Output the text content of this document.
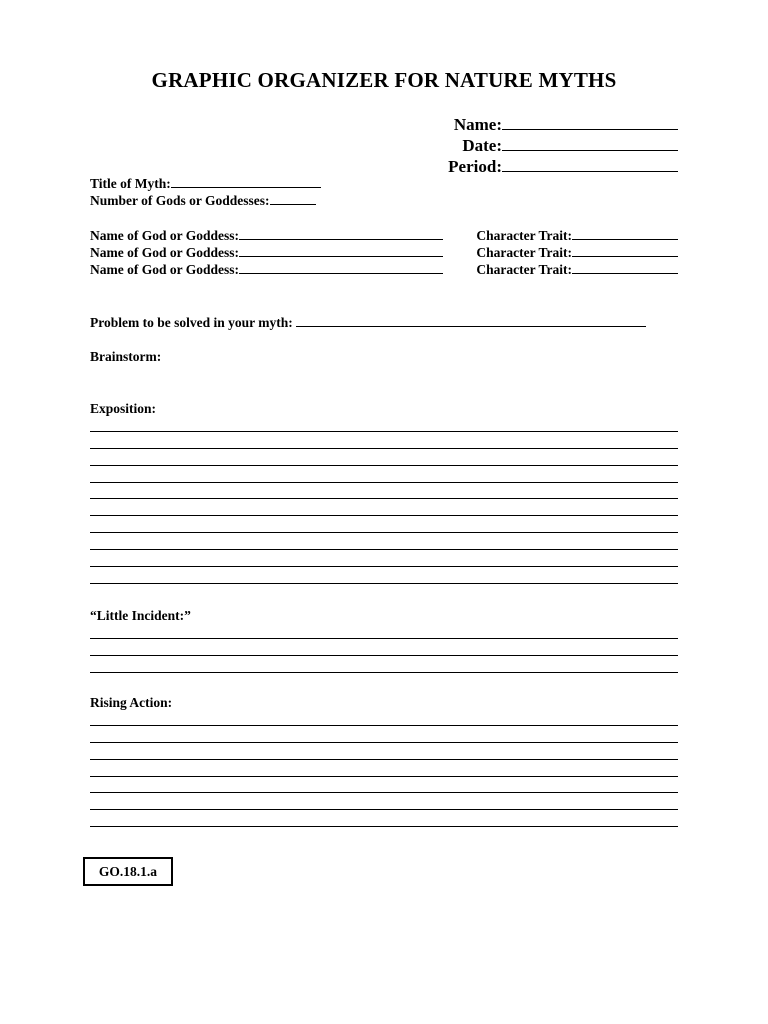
GRAPHIC ORGANIZER FOR NATURE MYTHS
Name:
Date:
Period:
Title of Myth:
Number of Gods or Goddesses:
Name of God or Goddess:	Character Trait:
Name of God or Goddess:	Character Trait:
Name of God or Goddess:	Character Trait:
Problem to be solved in your myth:
Brainstorm:
Exposition:
“Little Incident:”
Rising Action:
GO.18.1.a
